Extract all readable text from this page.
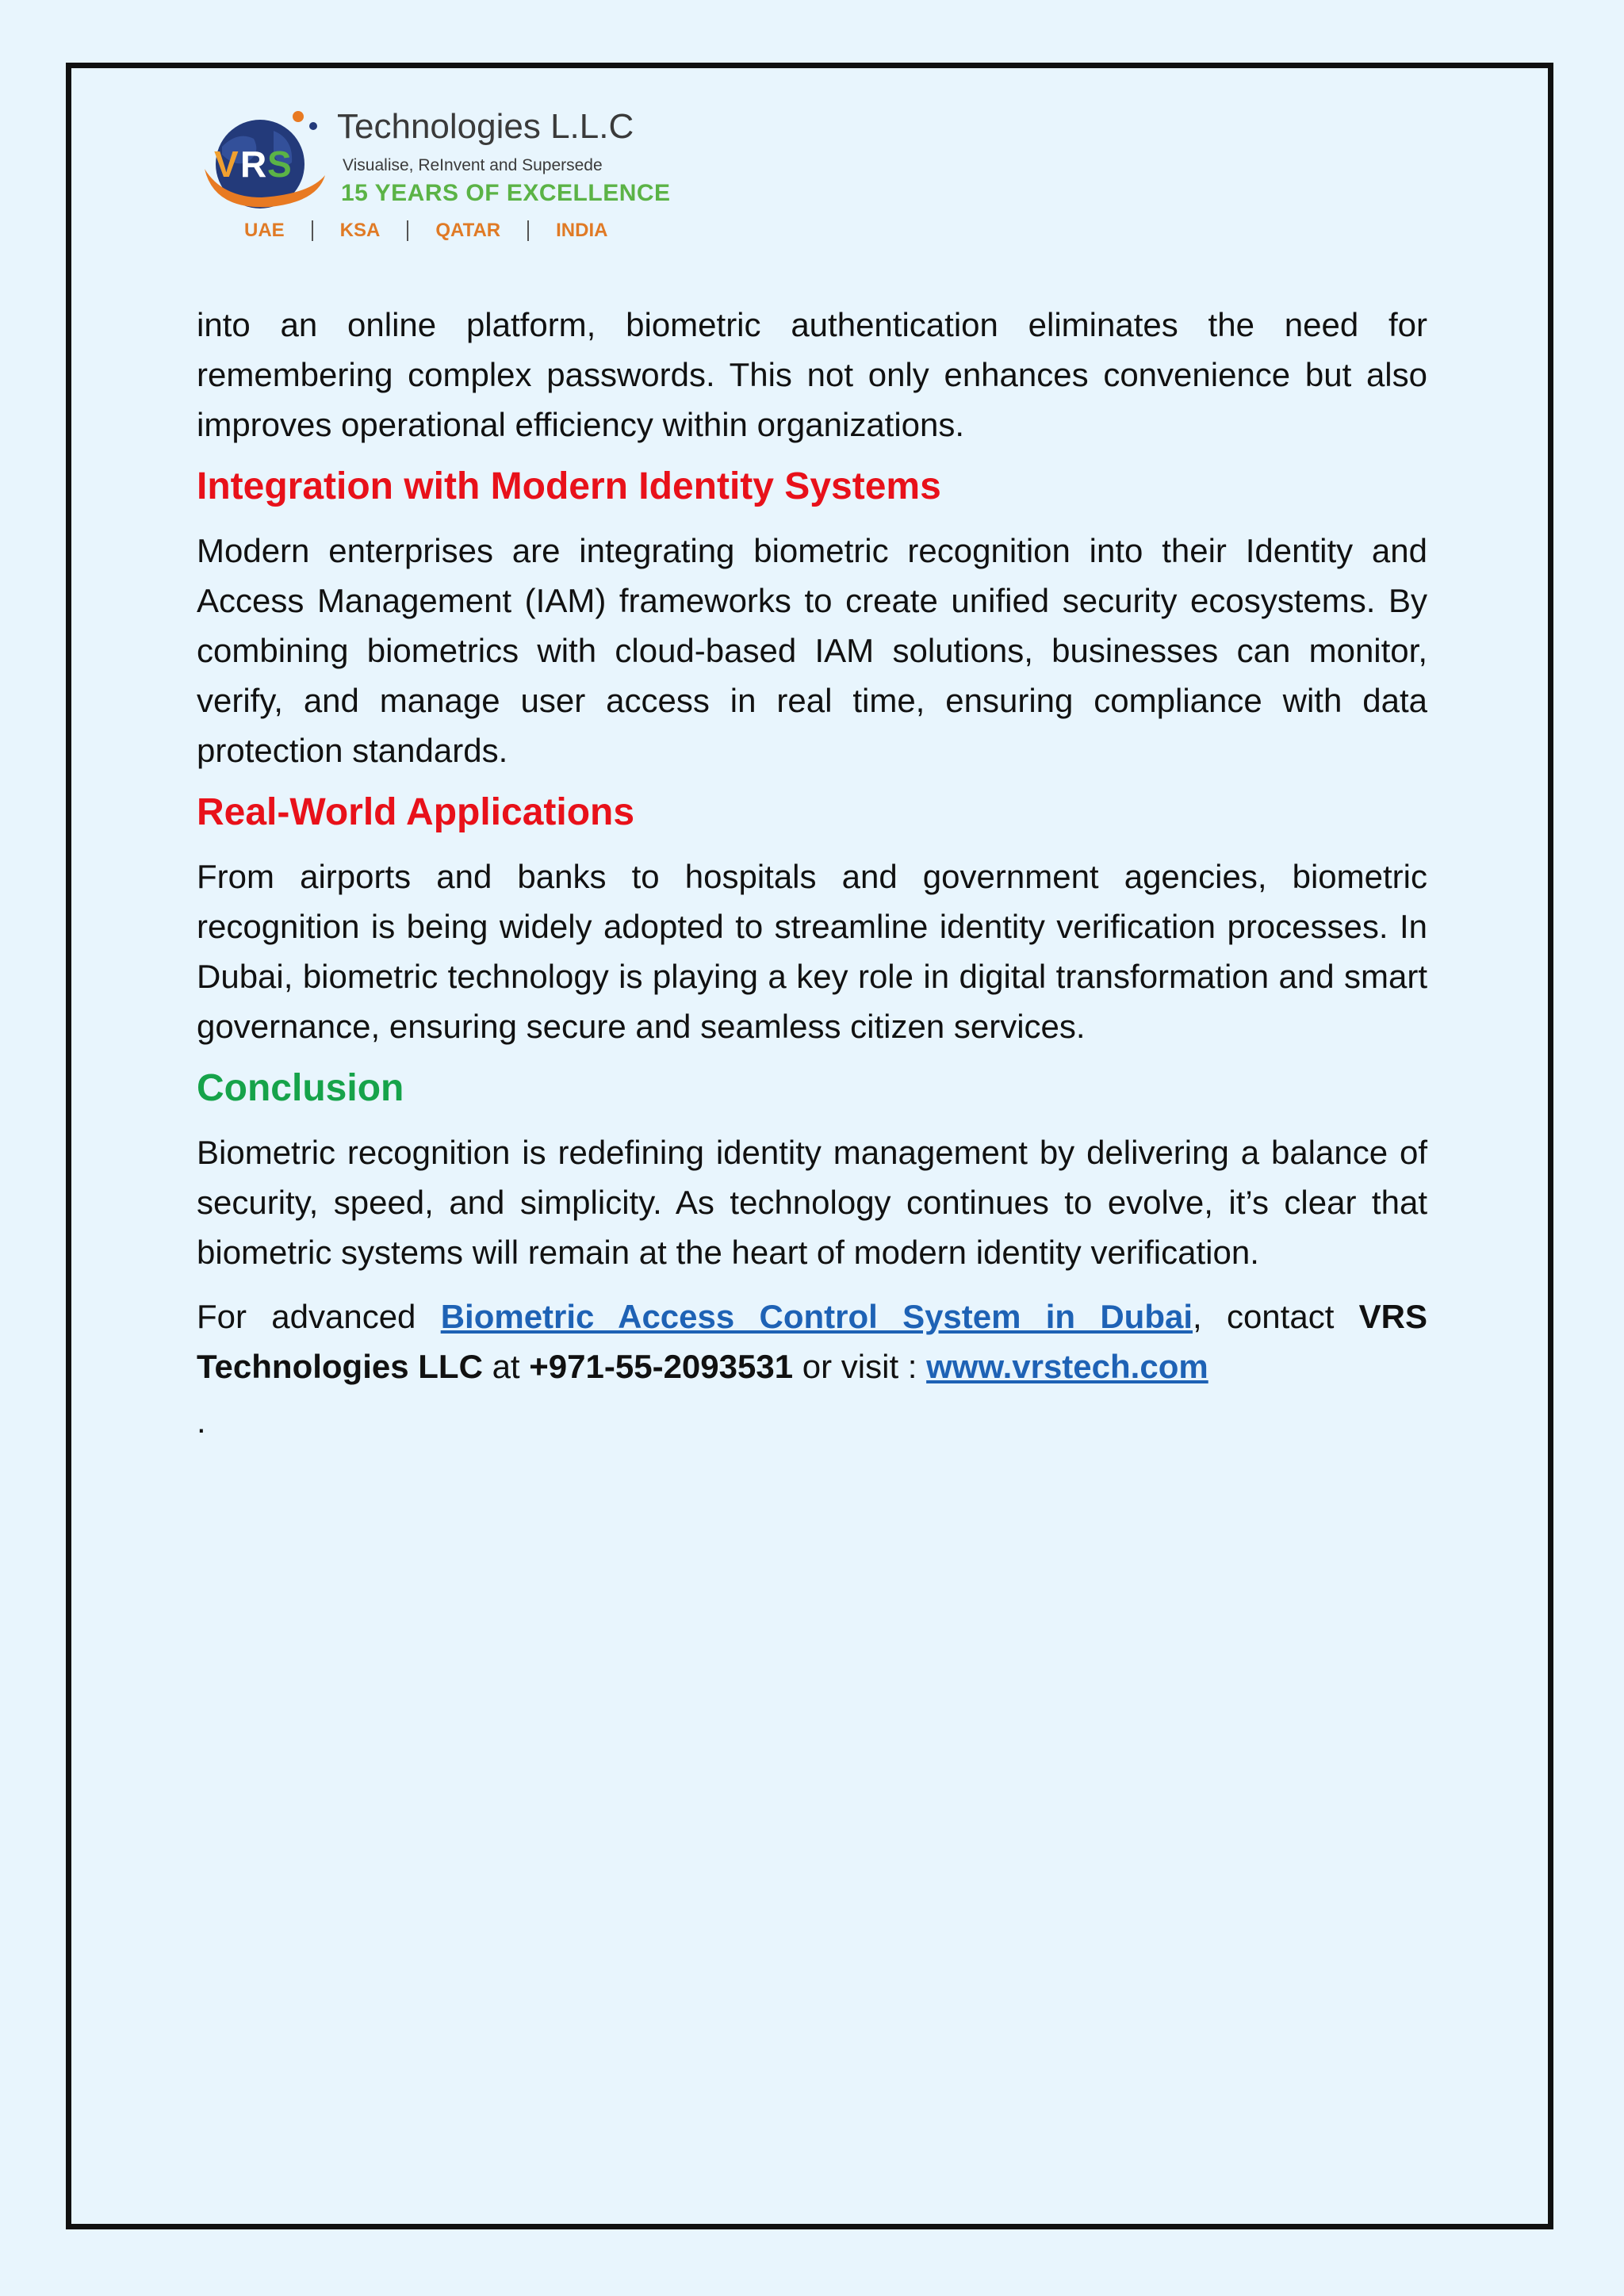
V R S
Technologies L.L.C
Visualise, ReInvent and Supersede
15 YEARS OF EXCELLENCE
UAE	KSA	QATAR	INDIA

into an online platform, biometric authentication eliminates the need for remembering complex passwords. This not only enhances convenience but also improves operational efficiency within organizations.

Integration with Modern Identity Systems

Modern enterprises are integrating biometric recognition into their Identity and Access Management (IAM) frameworks to create unified security ecosystems. By combining biometrics with cloud-based IAM solutions, businesses can monitor, verify, and manage user access in real time, ensuring compliance with data protection standards.

Real-World Applications

From airports and banks to hospitals and government agencies, biometric recognition is being widely adopted to streamline identity verification processes. In Dubai, biometric technology is playing a key role in digital transformation and smart governance, ensuring secure and seamless citizen services.

Conclusion

Biometric recognition is redefining identity management by delivering a balance of security, speed, and simplicity. As technology continues to evolve, it’s clear that biometric systems will remain at the heart of modern identity verification.

For advanced Biometric Access Control System in Dubai, contact VRS Technologies LLC at +971-55-2093531 or visit : www.vrstech.com

.
